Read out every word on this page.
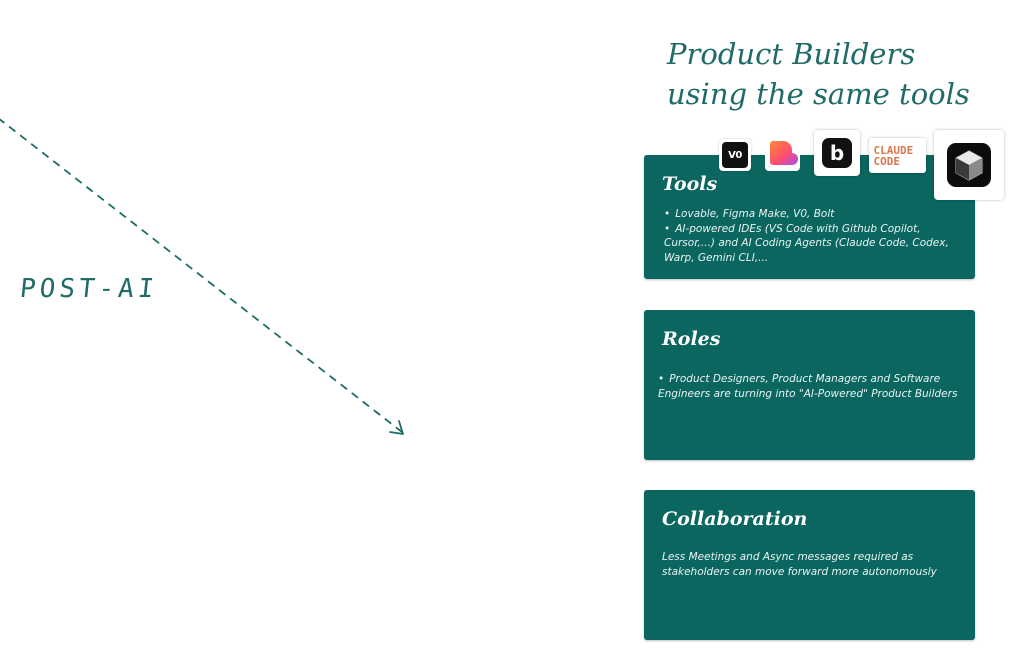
POST-AI
Product Builders
using the same tools
Tools
• Lovable, Figma Make, V0, Bolt
• AI-powered IDEs (VS Code with Github Copilot, Cursor,...) and AI Coding Agents (Claude Code, Codex, Warp, Gemini CLI,...
V0	b	CLAUDE
CODE
Roles
• Product Designers, Product Managers and Software Engineers are turning into "AI-Powered" Product Builders
Collaboration

Less Meetings and Async messages required as stakeholders can move forward more autonomously
